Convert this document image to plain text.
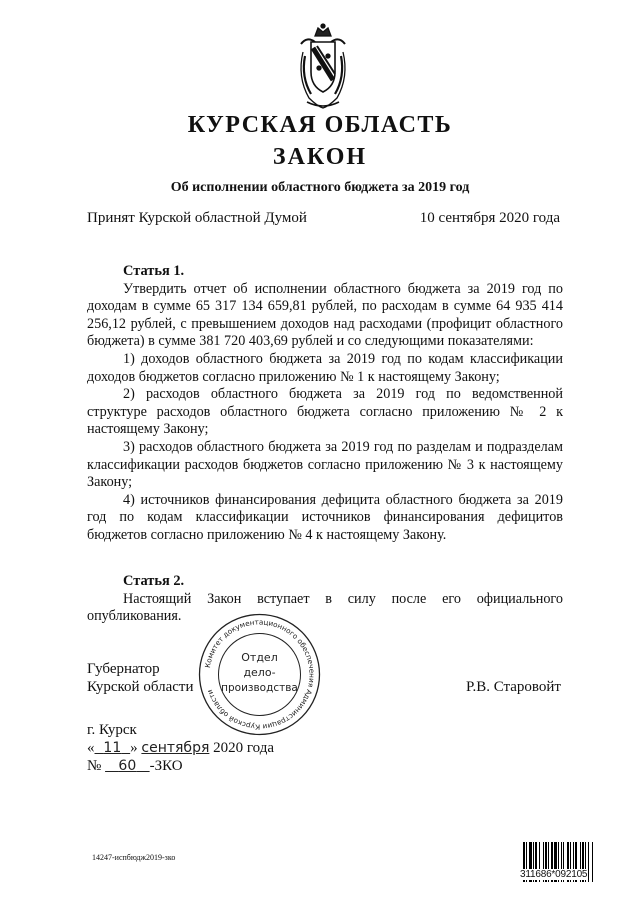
КУРСКАЯ ОБЛАСТЬ
ЗАКОН
Об исполнении областного бюджета за 2019 год
Принят Курской областной Думой	10 сентября 2020 года

Статья 1.

Утвердить отчет об исполнении областного бюджета за 2019 год по доходам в сумме 65 317 134 659,81 рублей, по расходам в сумме 64 935 414 256,12 рублей, с превышением доходов над расходами (профицит областного бюджета) в сумме 381 720 403,69 рублей и со следующими показателями:

1) доходов областного бюджета за 2019 год по кодам классификации доходов бюджетов согласно приложению № 1 к настоящему Закону;

2) расходов областного бюджета за 2019 год по ведомственной структуре расходов областного бюджета согласно приложению № 2 к настоящему Закону;

3) расходов областного бюджета за 2019 год по разделам и подразделам классификации расходов бюджетов согласно приложению № 3 к настоящему Закону;

4) источников финансирования дефицита областного бюджета за 2019 год по кодам классификации источников финансирования дефицитов бюджетов согласно приложению № 4 к настоящему Закону.

Статья 2.

Настоящий Закон вступает в силу после его официального опубликования.

Губернатор
Курской области
Комитет документационного обеспечения Администрации Курской области
Отдел
дело-
производства	Р.В. Старовойт
г. Курск
« 11 » сентября 2020 года
№ 60 -ЗКО
14247-испбюдж2019-зко
311686*092105
